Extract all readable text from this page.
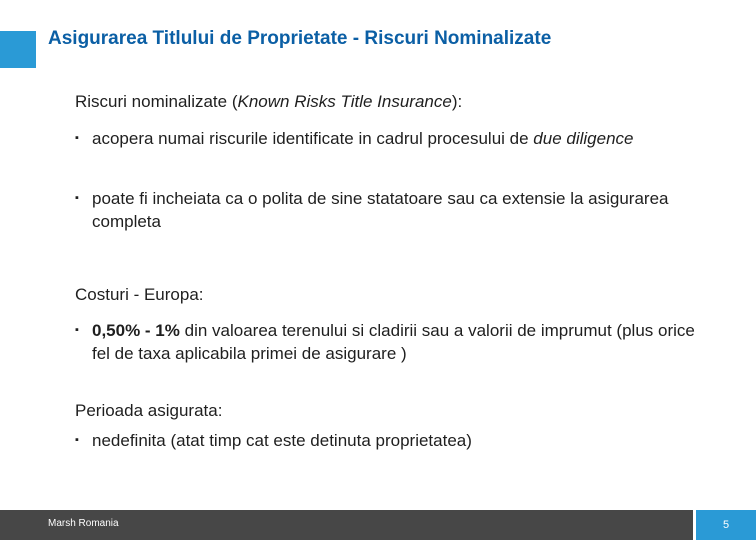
Asigurarea Titlului de Proprietate - Riscuri Nominalizate
Riscuri nominalizate (Known Risks Title Insurance):
▪ acopera numai riscurile identificate in cadrul procesului de due diligence
▪ poate fi incheiata ca o polita de sine statatoare sau ca extensie la asigurarea completa
Costuri - Europa:
▪ 0,50% - 1% din valoarea terenului si cladirii sau a valorii de imprumut (plus orice fel de taxa aplicabila primei de asigurare )
Perioada asigurata:
▪ nedefinita (atat timp cat este detinuta proprietatea)
Marsh Romania	5
